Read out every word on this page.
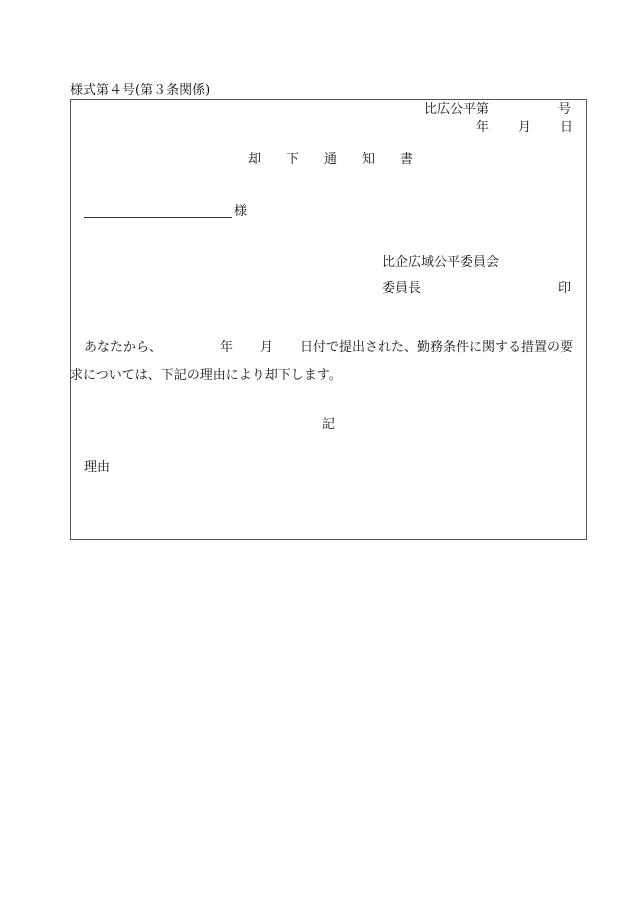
様式第４号(第３条関係)
比広公平第	号
年 月 日
却 下 通 知 書
様
比企広域公平委員会
委員長	印
あなたから、	年 月 日付で提出された、勤務条件に関する措置の要
求については、下記の理由により却下します。
記
理由
